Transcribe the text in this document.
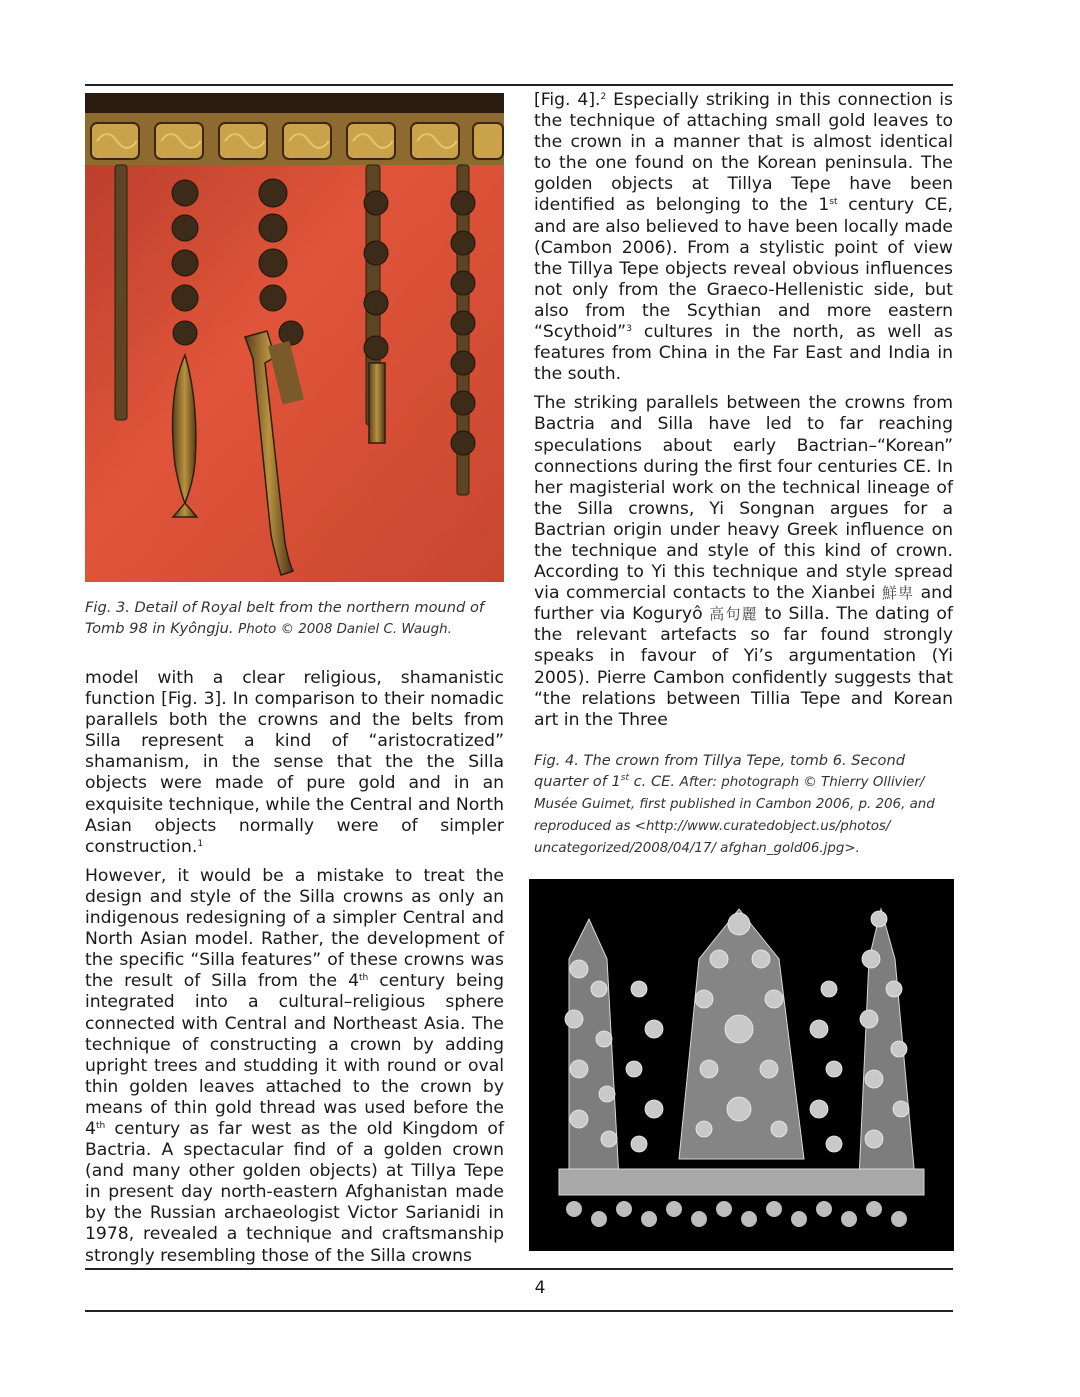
Fig. 3. Detail of Royal belt from the northern mound of Tomb 98 in Kyôngju. Photo © 2008 Daniel C. Waugh.

model with a clear religious, shamanistic function [Fig. 3]. In comparison to their nomadic parallels both the crowns and the belts from Silla represent a kind of “aristocratized” shamanism, in the sense that the the Silla objects were made of pure gold and in an exquisite technique, while the Central and North Asian objects normally were of simpler construction.$^1$

However, it would be a mistake to treat the design and style of the Silla crowns as only an indigenous redesigning of a simpler Central and North Asian model. Rather, the development of the specific “Silla features” of these crowns was the result of Silla from the 4th century being integrated into a cultural–religious sphere connected with Central and Northeast Asia. The technique of constructing a crown by adding upright trees and studding it with round or oval thin golden leaves attached to the crown by means of thin gold thread was used before the 4th century as far west as the old Kingdom of Bactria. A spectacular find of a golden crown (and many other golden objects) at Tillya Tepe in present day north-eastern Afghanistan made by the Russian archaeologist Victor Sarianidi in 1978, revealed a technique and craftsmanship strongly resembling those of the Silla crowns

[Fig. 4].$^2$ Especially striking in this connection is the technique of attaching small gold leaves to the crown in a manner that is almost identical to the one found on the Korean peninsula. The golden objects at Tillya Tepe have been identified as belonging to the 1st century CE, and are also believed to have been locally made (Cambon 2006). From a stylistic point of view the Tillya Tepe objects reveal obvious influences not only from the Graeco-Hellenistic side, but also from the Scythian and more eastern “Scythoid”$^3$ cultures in the north, as well as features from China in the Far East and India in the south.

The striking parallels between the crowns from Bactria and Silla have led to far reaching speculations about early Bactrian–“Korean” connections during the first four centuries CE. In her magisterial work on the technical lineage of the Silla crowns, Yi Songnan argues for a Bactrian origin under heavy Greek influence on the technique and style of this kind of crown. According to Yi this technique and style spread via commercial contacts to the Xianbei 鮮卑 and further via Koguryô 高句麗 to Silla. The dating of the relevant artefacts so far found strongly speaks in favour of Yi’s argumentation (Yi 2005). Pierre Cambon confidently suggests that “the relations between Tillia Tepe and Korean art in the Three

Fig. 4. The crown from Tillya Tepe, tomb 6. Second quarter of 1st c. CE. After: photograph © Thierry Ollivier/ Musée Guimet, first published in Cambon 2006, p. 206, and reproduced as <http://www.curatedobject.us/photos/ uncategorized/2008/04/17/ afghan_gold06.jpg>.
4
